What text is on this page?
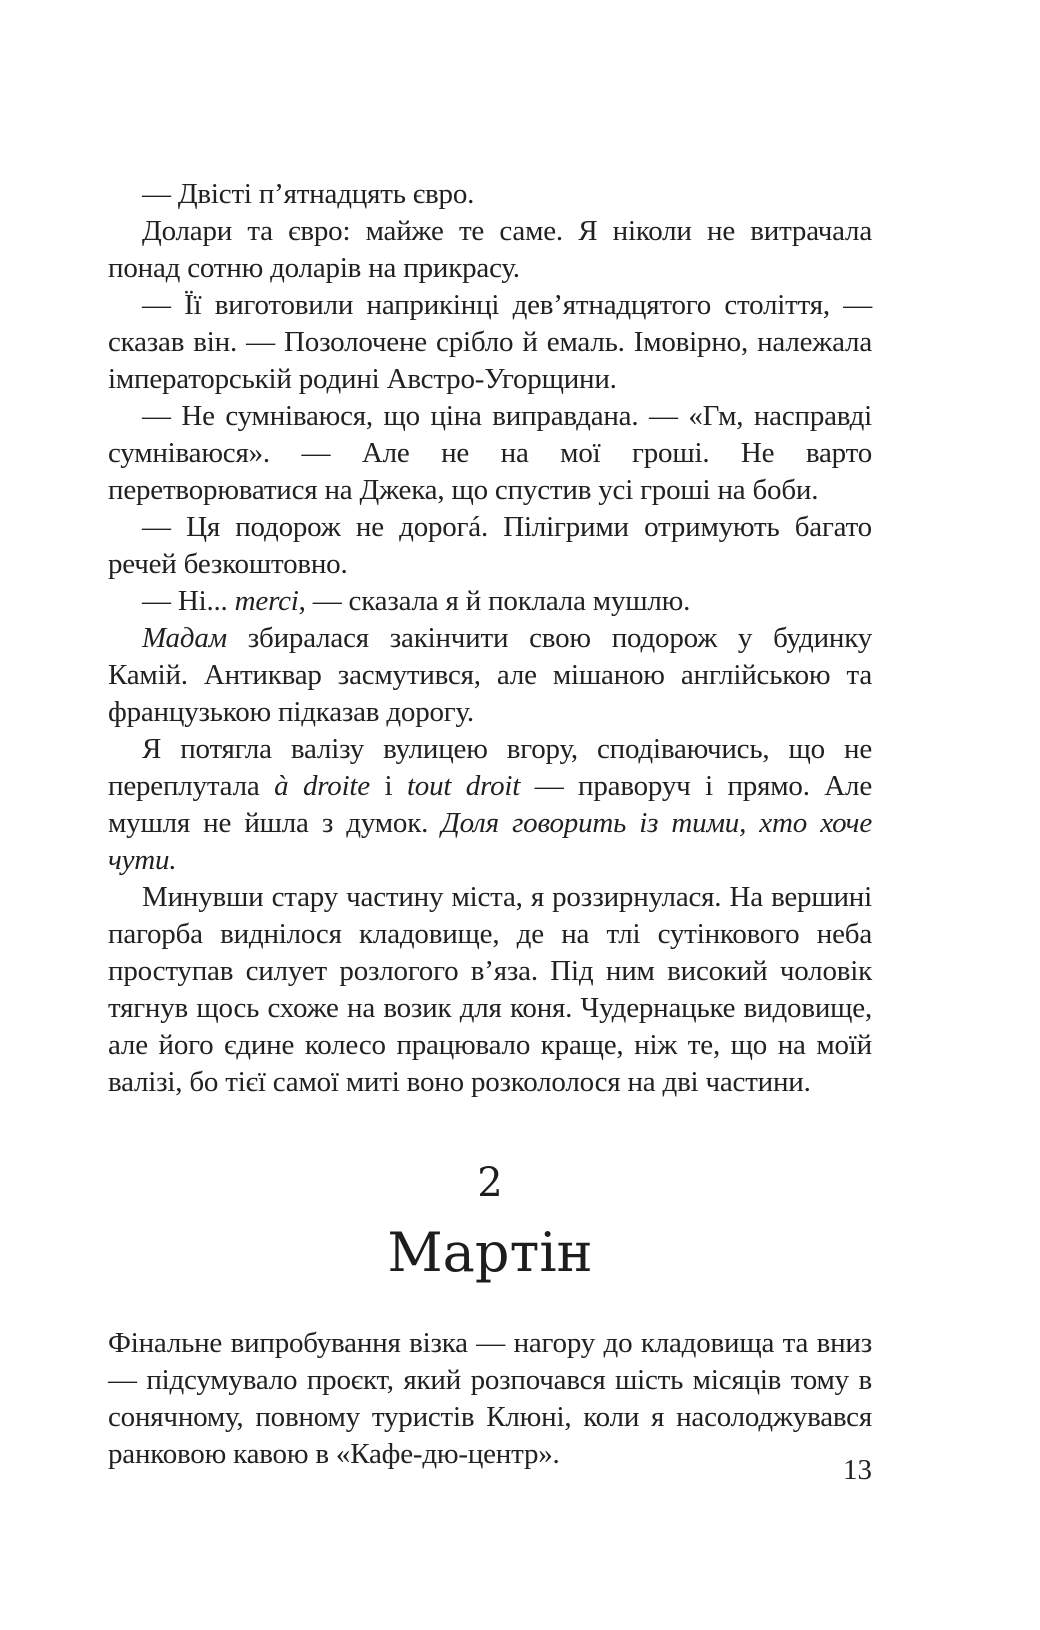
— Двісті п’ятнадцять євро.

Долари та євро: майже те саме. Я ніколи не витрачала понад сотню доларів на прикрасу.

— Її виготовили наприкінці дев’ятнадцятого століття, — сказав він. — Позолочене срібло й емаль. Імовірно, належала імператорській родині Австро-Угорщини.

— Не сумніваюся, що ціна виправдана. — «Гм, насправді сумніваюся». — Але не на мої гроші. Не варто перетворюватися на Джека, що спустив усі гроші на боби.

— Ця подорож не дорогá. Пілігрими отримують багато речей безкоштовно.

— Ні... merci, — сказала я й поклала мушлю.

Мадам збиралася закінчити свою подорож у будинку Камій. Антиквар засмутився, але мішаною англійською та французькою підказав дорогу.

Я потягла валізу вулицею вгору, сподіваючись, що не переплутала à droite і tout droit — праворуч і прямо. Але мушля не йшла з думок. Доля говорить із тими, хто хоче чути.

Минувши стару частину міста, я роззирнулася. На вершині пагорба виднілося кладовище, де на тлі сутінкового неба проступав силует розлогого в’яза. Під ним високий чоловік тягнув щось схоже на возик для коня. Чудернацьке видовище, але його єдине колесо працювало краще, ніж те, що на моїй валізі, бо тієї самої миті воно розкололося на дві частини.

2
Мартін

Фінальне випробування візка — нагору до кладовища та вниз — підсумувало проєкт, який розпочався шість місяців тому в сонячному, повному туристів Клюні, коли я насолоджувався ранковою кавою в «Кафе-дю-центр».	13
